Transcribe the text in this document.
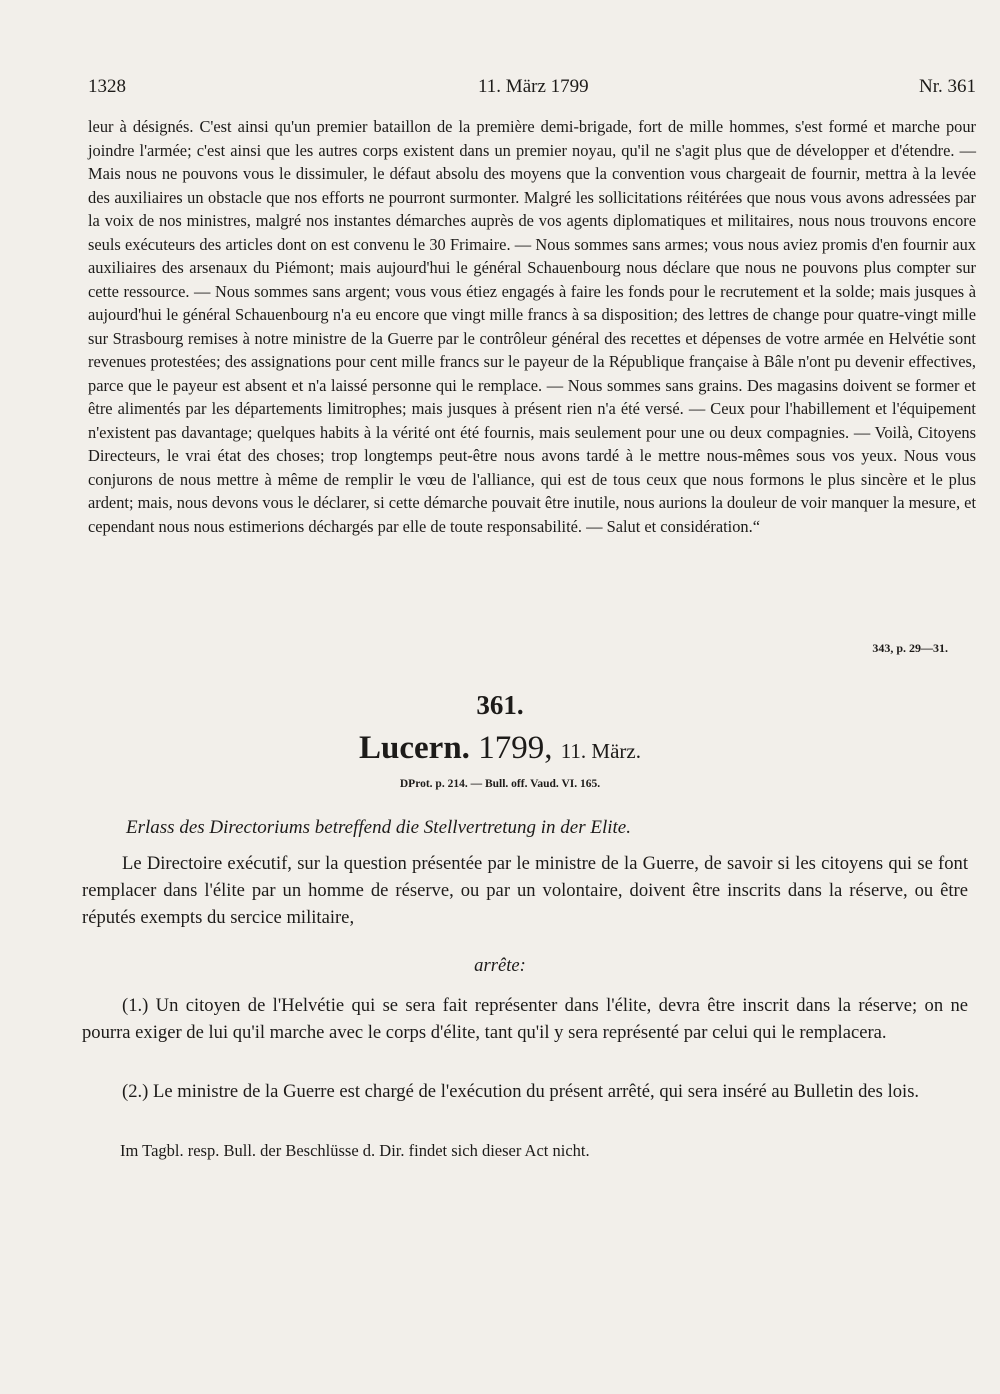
1328	11. März 1799	Nr. 361

leur à désignés. C'est ainsi qu'un premier bataillon de la première demi-brigade, fort de mille hommes, s'est formé et marche pour joindre l'armée; c'est ainsi que les autres corps existent dans un premier noyau, qu'il ne s'agit plus que de développer et d'étendre. — Mais nous ne pouvons vous le dissimuler, le défaut absolu des moyens que la convention vous chargeait de fournir, mettra à la levée des auxiliaires un obstacle que nos efforts ne pourront surmonter. Malgré les sollicitations réitérées que nous vous avons adressées par la voix de nos ministres, malgré nos instantes démarches auprès de vos agents diplomatiques et militaires, nous nous trouvons encore seuls exécuteurs des articles dont on est convenu le 30 Frimaire. — Nous sommes sans armes; vous nous aviez promis d'en fournir aux auxiliaires des arsenaux du Piémont; mais aujourd'hui le général Schauenbourg nous déclare que nous ne pouvons plus compter sur cette ressource. — Nous sommes sans argent; vous vous étiez engagés à faire les fonds pour le recrutement et la solde; mais jusques à aujourd'hui le général Schauenbourg n'a eu encore que vingt mille francs à sa disposition; des lettres de change pour quatre-vingt mille sur Strasbourg remises à notre ministre de la Guerre par le contrôleur général des recettes et dépenses de votre armée en Helvétie sont revenues protestées; des assignations pour cent mille francs sur le payeur de la République française à Bâle n'ont pu devenir effectives, parce que le payeur est absent et n'a laissé personne qui le remplace. — Nous sommes sans grains. Des magasins doivent se former et être alimentés par les départements limitrophes; mais jusques à présent rien n'a été versé. — Ceux pour l'habillement et l'équipement n'existent pas davantage; quelques habits à la vérité ont été fournis, mais seulement pour une ou deux compagnies. — Voilà, Citoyens Directeurs, le vrai état des choses; trop longtemps peut-être nous avons tardé à le mettre nous-mêmes sous vos yeux. Nous vous conjurons de nous mettre à même de remplir le vœu de l'alliance, qui est de tous ceux que nous formons le plus sincère et le plus ardent; mais, nous devons vous le déclarer, si cette démarche pouvait être inutile, nous aurions la douleur de voir manquer la mesure, et cependant nous nous estimerions déchargés par elle de toute responsabilité. — Salut et considération.“

343, p. 29—31.
361.
Lucern. 1799, 11. März.
DProt. p. 214. — Bull. off. Vaud. VI. 165.
Erlass des Directoriums betreffend die Stellvertretung in der Elite.

Le Directoire exécutif, sur la question présentée par le ministre de la Guerre, de savoir si les citoyens qui se font remplacer dans l'élite par un homme de réserve, ou par un volontaire, doivent être inscrits dans la réserve, ou être réputés exempts du sercice militaire,

arrête:

(1.) Un citoyen de l'Helvétie qui se sera fait représenter dans l'élite, devra être inscrit dans la réserve; on ne pourra exiger de lui qu'il marche avec le corps d'élite, tant qu'il y sera représenté par celui qui le remplacera.

(2.) Le ministre de la Guerre est chargé de l'exécution du présent arrêté, qui sera inséré au Bulletin des lois.

Im Tagbl. resp. Bull. der Beschlüsse d. Dir. findet sich dieser Act nicht.
